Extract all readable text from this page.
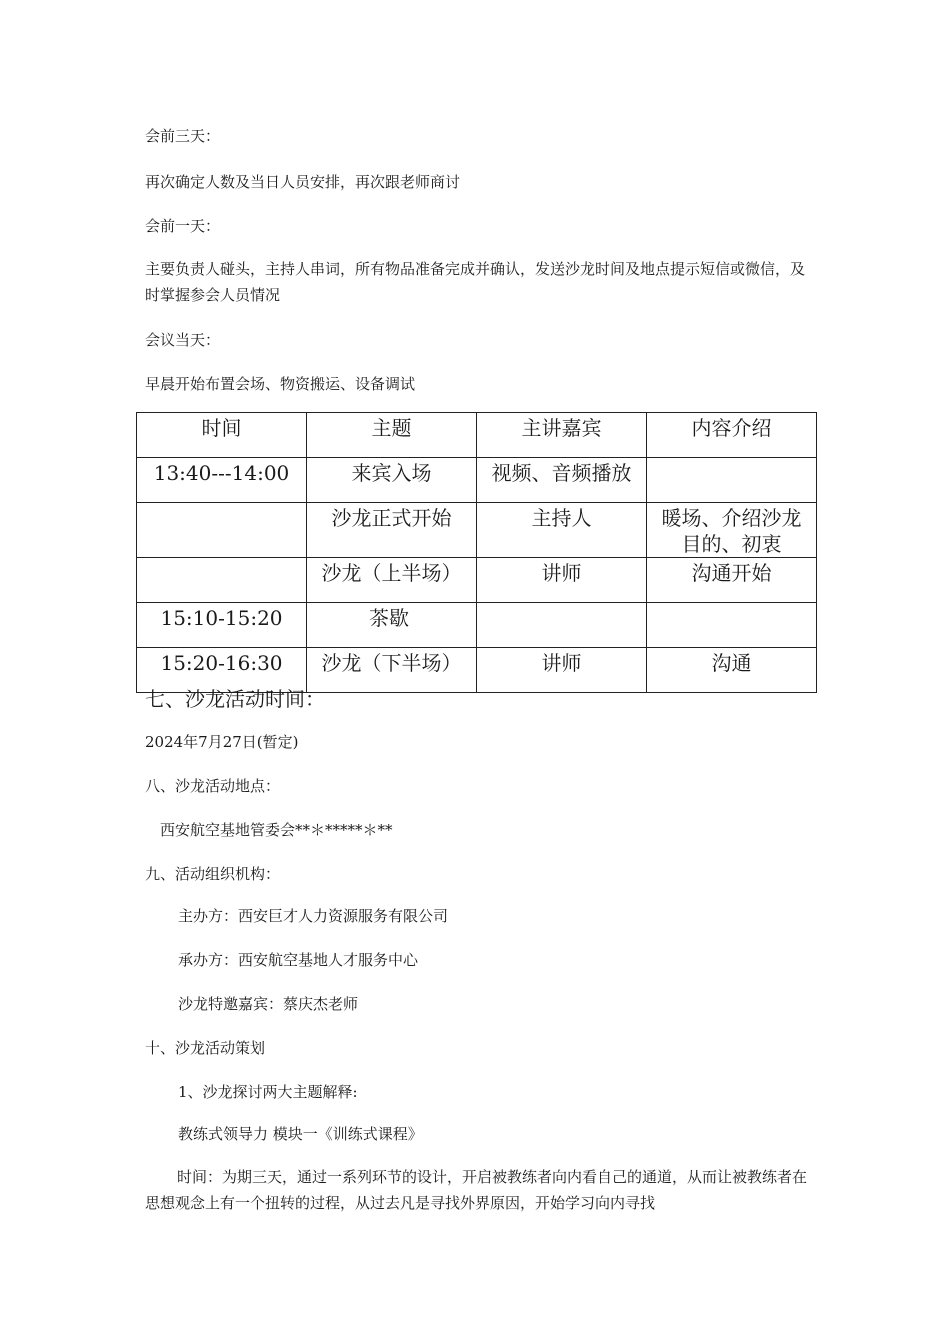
会前三天：
再次确定人数及当日人员安排，再次跟老师商讨
会前一天：
主要负责人碰头，主持人串词，所有物品准备完成并确认，发送沙龙时间及地点提示短信或微信，及时掌握参会人员情况
会议当天：
早晨开始布置会场、物资搬运、设备调试
时间	主题	主讲嘉宾	内容介绍

13:40---14:00	来宾入场	视频、音频播放	

	沙龙正式开始	主持人	暖场、介绍沙龙目的、初衷

	沙龙（上半场）	讲师	沟通开始

15:10-15:20	茶歇		

15:20-16:30	沙龙（下半场）	讲师	沟通
七、沙龙活动时间：
2024年7月27日(暂定)
八、沙龙活动地点：
西安航空基地管委会**＊*****＊**
九、活动组织机构：
主办方：西安巨才人力资源服务有限公司
承办方：西安航空基地人才服务中心
沙龙特邀嘉宾：蔡庆杰老师
十、沙龙活动策划
1、沙龙探讨两大主题解释:
教练式领导力 模块一《训练式课程》
时间：为期三天，通过一系列环节的设计，开启被教练者向内看自己的通道，从而让被教练者在思想观念上有一个扭转的过程，从过去凡是寻找外界原因，开始学习向内寻找
